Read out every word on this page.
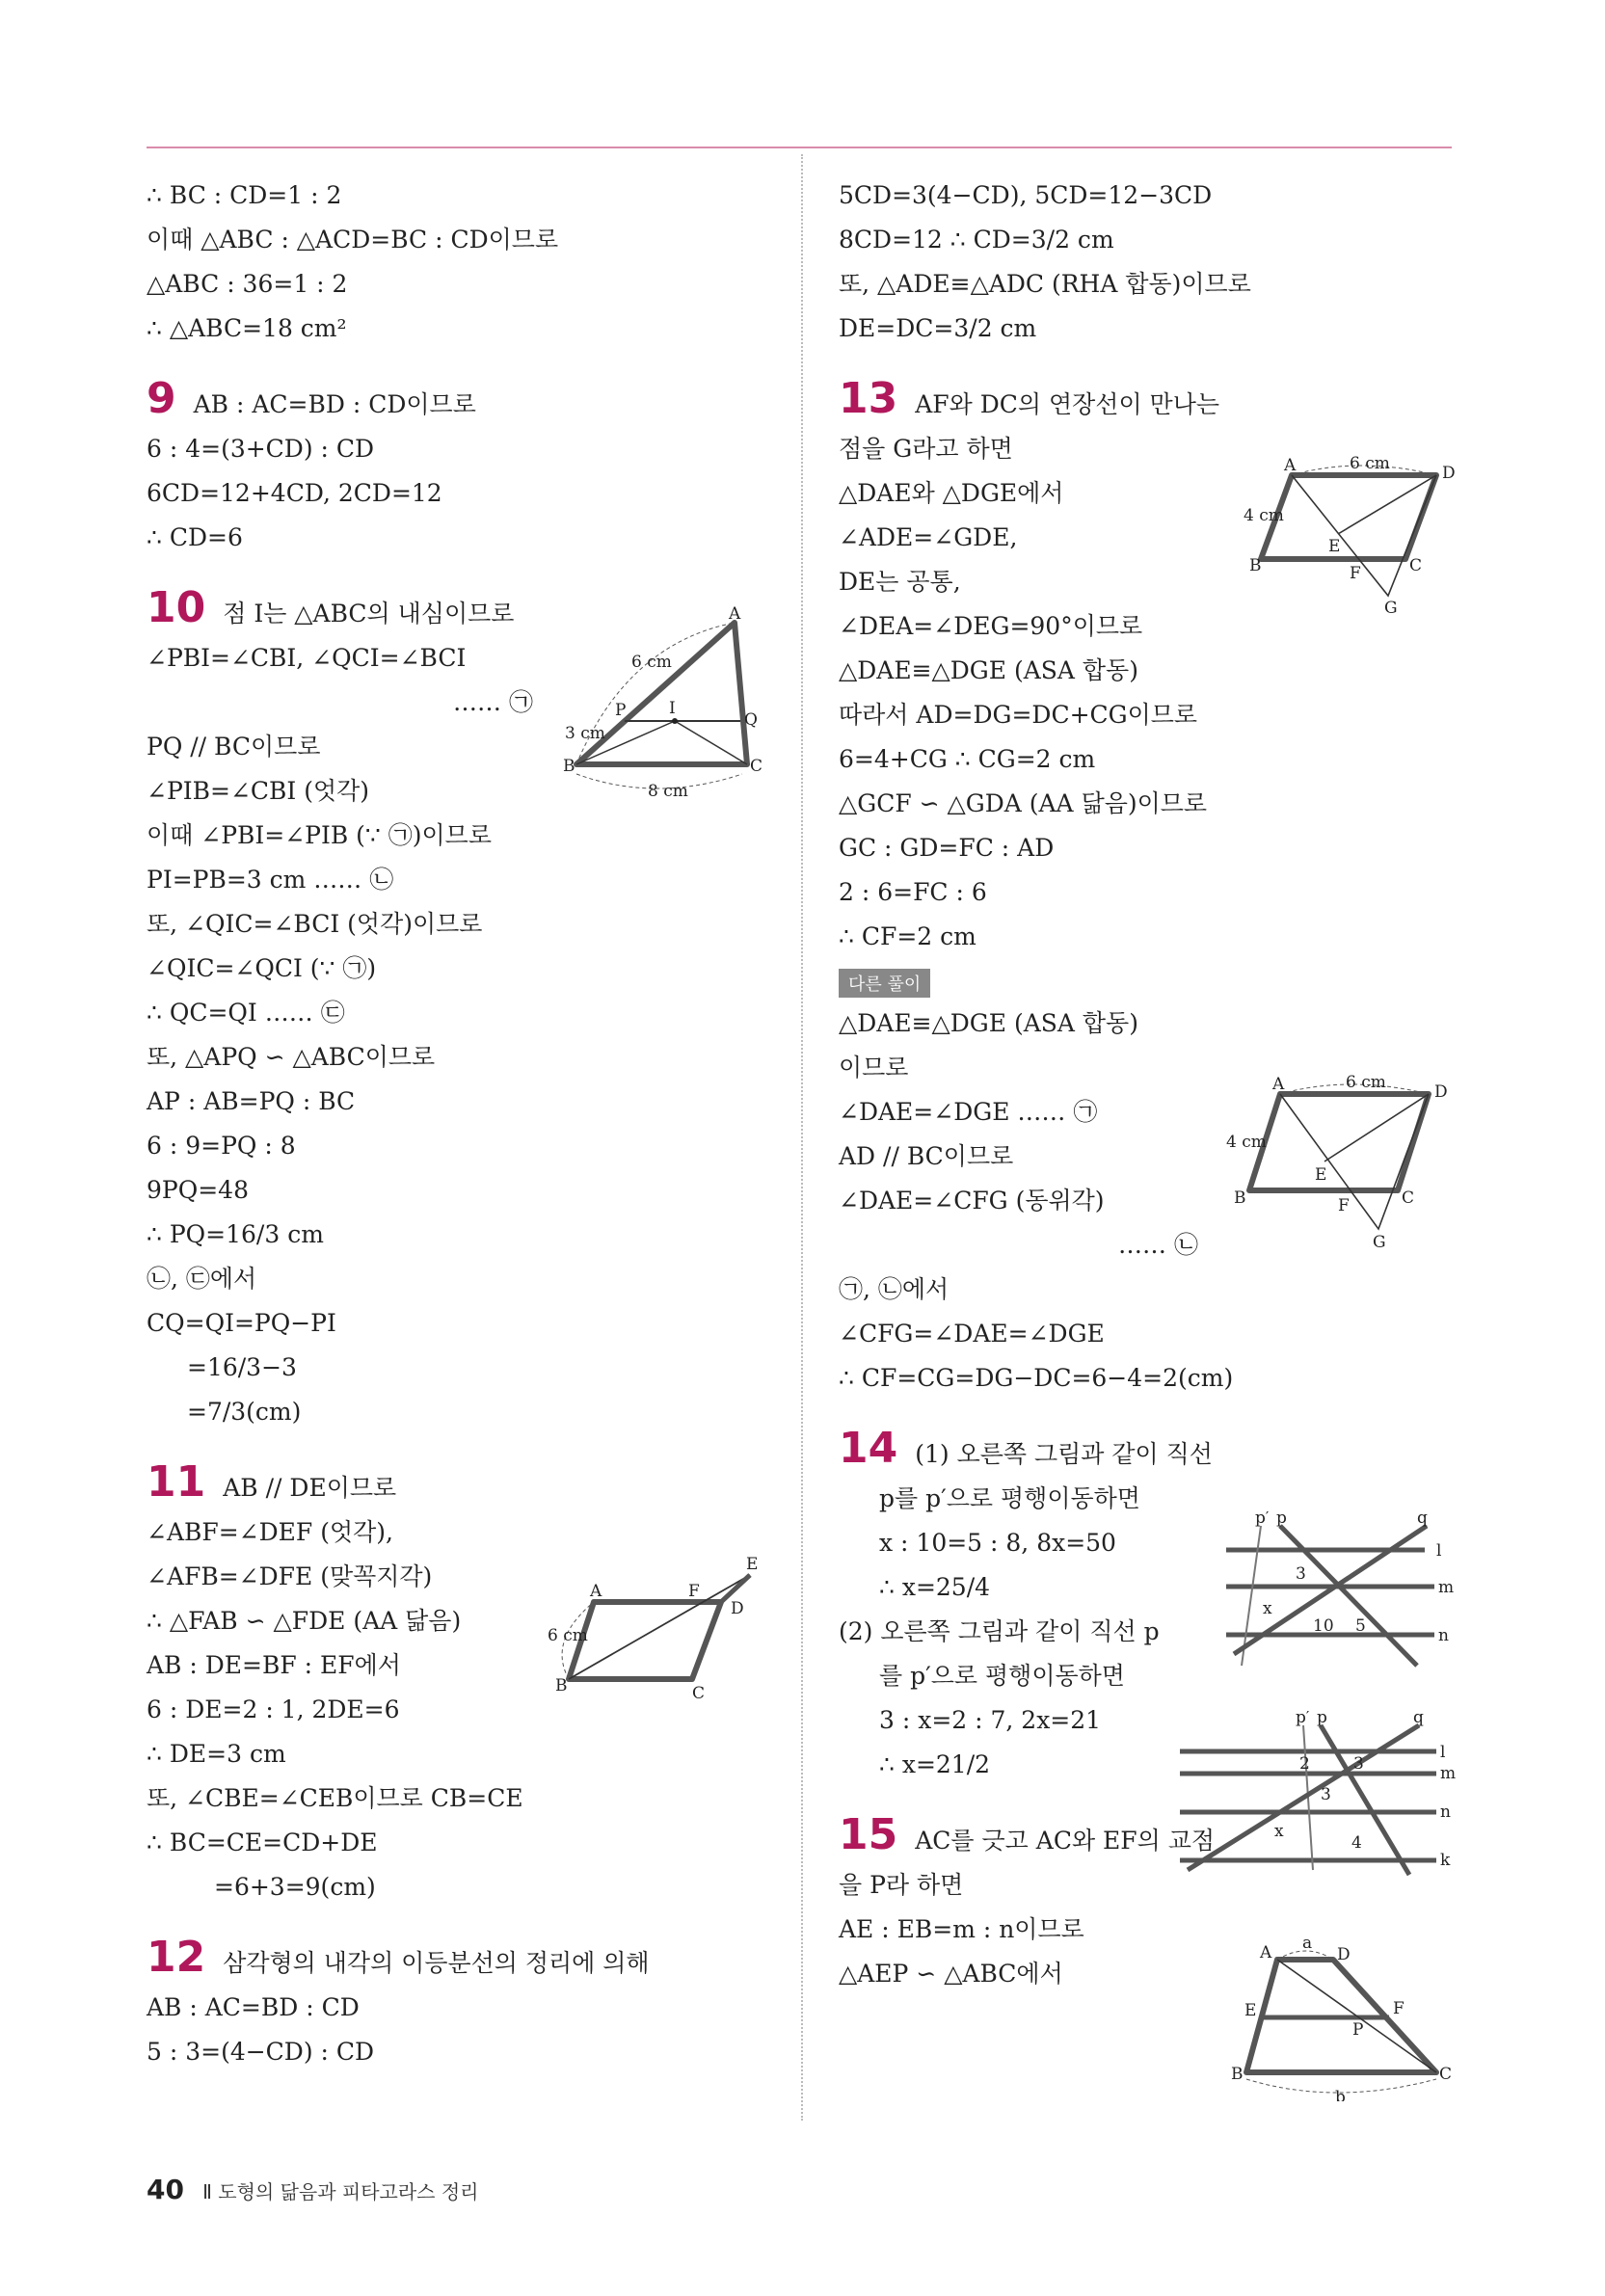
∴ BC : CD=1 : 2
이때 △ABC : △ACD=BC : CD이므로
△ABC : 36=1 : 2
∴ △ABC=18 cm²
9 AB : AC=BD : CD이므로
6 : 4=(3+CD) : CD
6CD=12+4CD, 2CD=12
∴ CD=6
10 점 I는 △ABC의 내심이므로
∠PBI=∠CBI, ∠QCI=∠BCI
…… ㉠
PQ // BC이므로
∠PIB=∠CBI (엇각)
이때 ∠PBI=∠PIB (∵ ㉠)이므로
PI=PB=3 cm …… ㉡
또, ∠QIC=∠BCI (엇각)이므로
∠QIC=∠QCI (∵ ㉠)
∴ QC=QI …… ㉢
또, △APQ ∽ △ABC이므로
AP : AB=PQ : BC
6 : 9=PQ : 8
9PQ=48
∴ PQ=16/3 cm
㉡, ㉢에서
CQ=QI=PQ−PI
=16/3−3
=7/3(cm)
11 AB // DE이므로
∠ABF=∠DEF (엇각),
∠AFB=∠DFE (맞꼭지각)
∴ △FAB ∽ △FDE (AA 닮음)
AB : DE=BF : EF에서
6 : DE=2 : 1, 2DE=6
∴ DE=3 cm
또, ∠CBE=∠CEB이므로 CB=CE
∴ BC=CE=CD+DE
=6+3=9(cm)
12 삼각형의 내각의 이등분선의 정리에 의해
AB : AC=BD : CD
5 : 3=(4−CD) : CD
A
B	C
P	Q
I
6 cm
3 cm
8 cm
A
B	C
D
E
F
6 cm
5CD=3(4−CD), 5CD=12−3CD
8CD=12 ∴ CD=3/2 cm
또, △ADE≡△ADC (RHA 합동)이므로
DE=DC=3/2 cm
13 AF와 DC의 연장선이 만나는
점을 G라고 하면
△DAE와 △DGE에서
∠ADE=∠GDE,
DE는 공통,
∠DEA=∠DEG=90°이므로
△DAE≡△DGE (ASA 합동)
따라서 AD=DG=DC+CG이므로
6=4+CG ∴ CG=2 cm
△GCF ∽ △GDA (AA 닮음)이므로
GC : GD=FC : AD
2 : 6=FC : 6
∴ CF=2 cm
다른 풀이
△DAE≡△DGE (ASA 합동)
이므로
∠DAE=∠DGE …… ㉠
AD // BC이므로
∠DAE=∠CFG (동위각)
…… ㉡
㉠, ㉡에서
∠CFG=∠DAE=∠DGE
∴ CF=CG=DG−DC=6−4=2(cm)
14 (1) 오른쪽 그림과 같이 직선
p를 p′으로 평행이동하면
x : 10=5 : 8, 8x=50
∴ x=25/4
(2) 오른쪽 그림과 같이 직선 p
를 p′으로 평행이동하면
3 : x=2 : 7, 2x=21
∴ x=21/2
15 AC를 긋고 AC와 EF의 교점
을 P라 하면
AE : EB=m : n이므로
△AEP ∽ △ABC에서
A
B	C
D
E
F
G
6 cm
4 cm
A
B	C
D
E
F
G
6 cm
4 cm
p′ p	q
l
m
n
3
x
10 5
p′ p	q
l
m
n
k
2	3
3
x
4
A	D
E	F
P
B	C
a
b
40 Ⅱ 도형의 닮음과 피타고라스 정리
